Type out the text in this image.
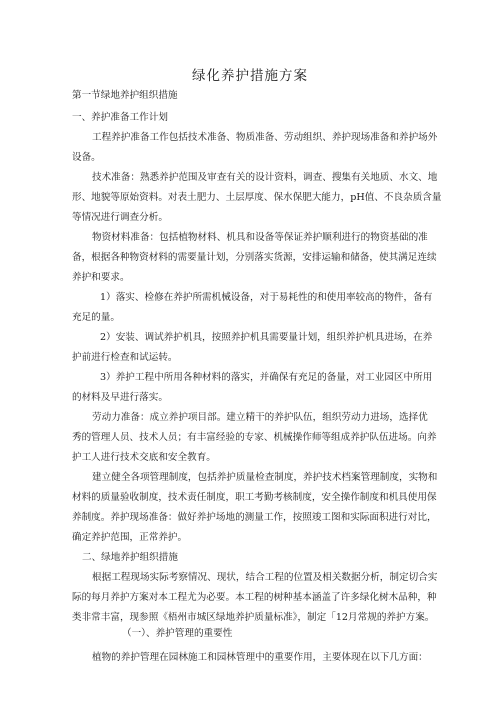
绿化养护措施方案
第一节绿地养护组织措施
一、养护准备工作计划
工程养护准备工作包括技术准备、物质准备、劳动组织、养护现场准备和养护场外
设备。
技术准备：熟悉养护范围及审查有关的设计资料，调查、搜集有关地质、水文、地
形、地貌等原始资料。对表土肥力、土层厚度、保水保肥大能力，pH值、不良杂质含量
等情况进行调查分析。
物资材料准备：包括植物材料、机具和设备等保证养护顺利进行的物资基础的准
备，根据各种物资材料的需要量计划，分别落实货源，安排运输和储备，使其满足连续
养护和要求。
1）落实、检修在养护所需机械设备，对于易耗性的和使用率较高的物件，备有
充足的量。
2）安装、调试养护机具，按照养护机具需要量计划，组织养护机具进场，在养
护前进行检查和试运转。
3）养护工程中所用各种材料的落实，并确保有充足的备量，对工业园区中所用
的材料及早进行落实。
劳动力准备：成立养护项目部。建立精干的养护队伍，组织劳动力进场，选择优
秀的管理人员、技术人员；有丰富经验的专家、机械操作师等组成养护队伍进场。向养
护工人进行技术交底和安全教育。
建立健全各项管理制度，包括养护质量检查制度，养护技术档案管理制度，实物和
材料的质量验收制度，技术责任制度，职工考勤考核制度，安全操作制度和机具使用保
养制度。养护现场准备：做好养护场地的测量工作，按照竣工图和实际面积进行对比，
确定养护范围，正常养护。
二、绿地养护组织措施
根据工程现场实际考察情况、现状，结合工程的位置及相关数据分析，制定切合实
际的每月养护方案对本工程尤为必要。本工程的树种基本涵盖了许多绿化树木品种，种
类非常丰富，现参照《梧州市城区绿地养护质量标准》，制定「12月常规的养护方案。
（一）、养护管理的重要性
植物的养护管理在园林施工和园林管理中的重要作用，主要体现在以下几方面：
